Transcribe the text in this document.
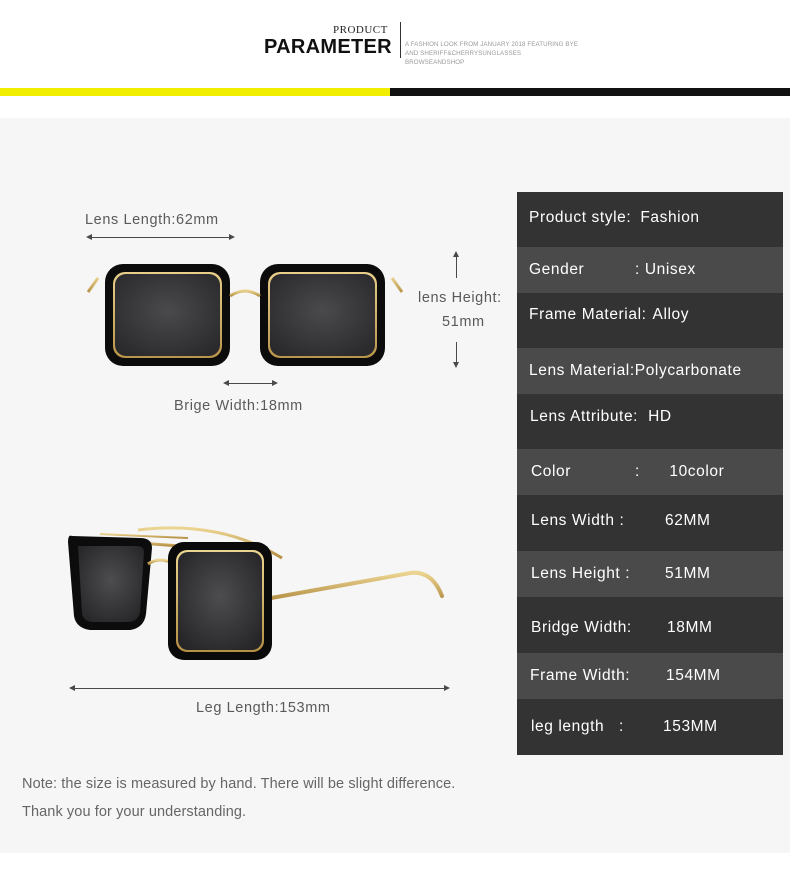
PRODUCT
PARAMETER A FASHION LOOK FROM JANUARY 2018 FEATURING BYE
AND SHERIFF&CHERRYSUNGLASSES BROWSEANDSHOP
Lens Length:62mm
lens Height:
51mm
Brige Width:18mm
Leg Length:153mm
Product style: Fashion
Gender	: Unisex
Frame Material: Alloy
Lens Material: Polycarbonate
Lens Attribute: HD
Color	:      10color
Lens Width :	62MM
Lens Height :	51MM
Bridge Width:	18MM
Frame Width:	154MM
leg length   :	153MM
Note: the size is measured by hand. There will be slight difference.
Thank you for your understanding.
